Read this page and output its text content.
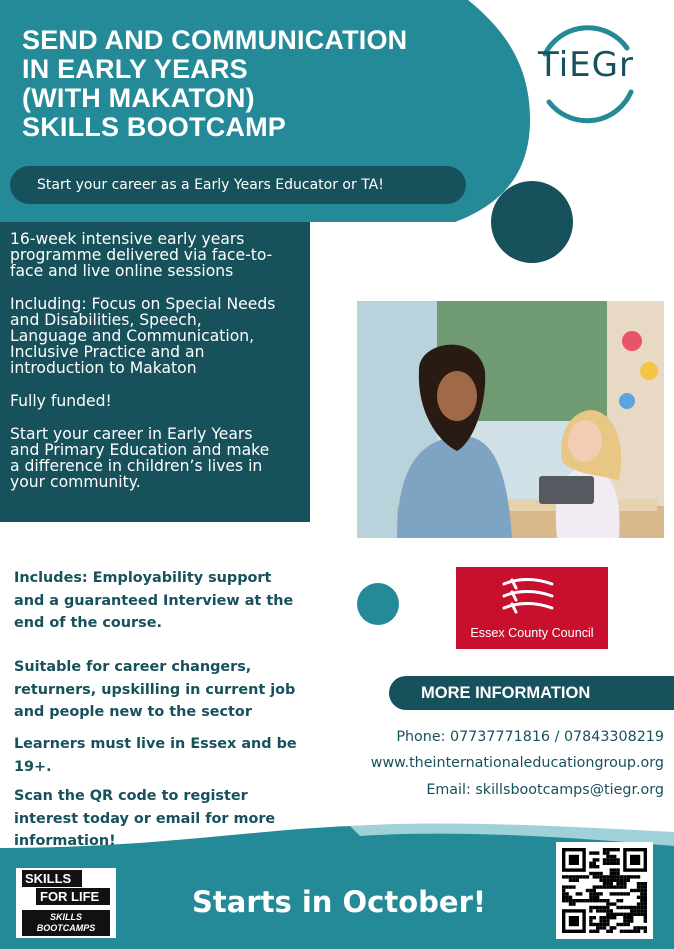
SEND AND COMMUNICATION
IN EARLY YEARS
(WITH MAKATON)
SKILLS BOOTCAMP
Start your career as a Early Years Educator or TA!
TiEGr

16-week intensive early years
programme delivered via face-to-
face and live online sessions

Including: Focus on Special Needs
and Disabilities, Speech,
Language and Communication,
Inclusive Practice and an
introduction to Makaton

Fully funded!

Start your career in Early Years
and Primary Education and make
a difference in children’s lives in
your community.

Essex County Council
Includes: Employability support
and a guaranteed Interview at the
end of the course.
Suitable for career changers,
returners, upskilling in current job
and people new to the sector
Learners must live in Essex and be
19+.
Scan the QR code to register
interest today or email for more
information!
MORE INFORMATION
Phone: 07737771816 / 07843308219
www.theinternationaleducationgroup.org
Email: skillsbootcamps@tiegr.org
SKILLS
FOR LIFE
SKILLS
BOOTCAMPS
Starts in October!
